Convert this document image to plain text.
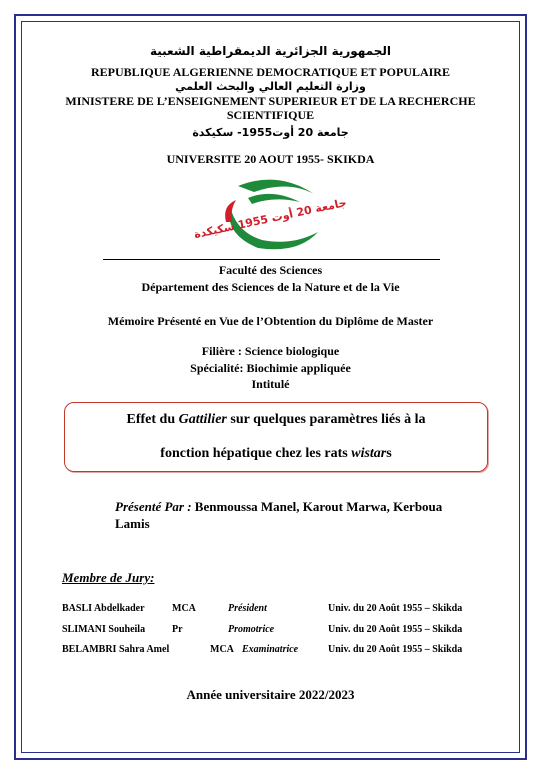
الجمهورية الجزائرية الديمقراطية الشعبية
REPUBLIQUE ALGERIENNE DEMOCRATIQUE ET POPULAIRE
وزارة التعليم العالي والبحث العلمي
MINISTERE DE L’ENSEIGNEMENT SUPERIEUR ET DE LA RECHERCHE SCIENTIFIQUE
جامعة 20 أوت1955- سكيكدة
UNIVERSITE 20 AOUT 1955- SKIKDA
جامعة 20 أوت 1955 سكيكدة
Faculté des Sciences
Département des Sciences de la Nature et de la Vie
Mémoire Présenté en Vue de l’Obtention du Diplôme de Master
Filière : Science biologique
Spécialité: Biochimie appliquée
Intitulé
Effet du Gattilier sur quelques paramètres liés à la
fonction hépatique chez les rats wistars
Présenté Par : Benmoussa Manel, Karout Marwa, Kerboua Lamis
Membre de Jury:
BASLI Abdelkader	MCA	Président	Univ. du 20 Août 1955 – Skikda
SLIMANI Souheila	Pr	Promotrice	Univ. du 20 Août 1955 – Skikda
BELAMBRI Sahra Amel	MCA Examinatrice	Univ. du 20 Août 1955 – Skikda
Année universitaire 2022/2023
